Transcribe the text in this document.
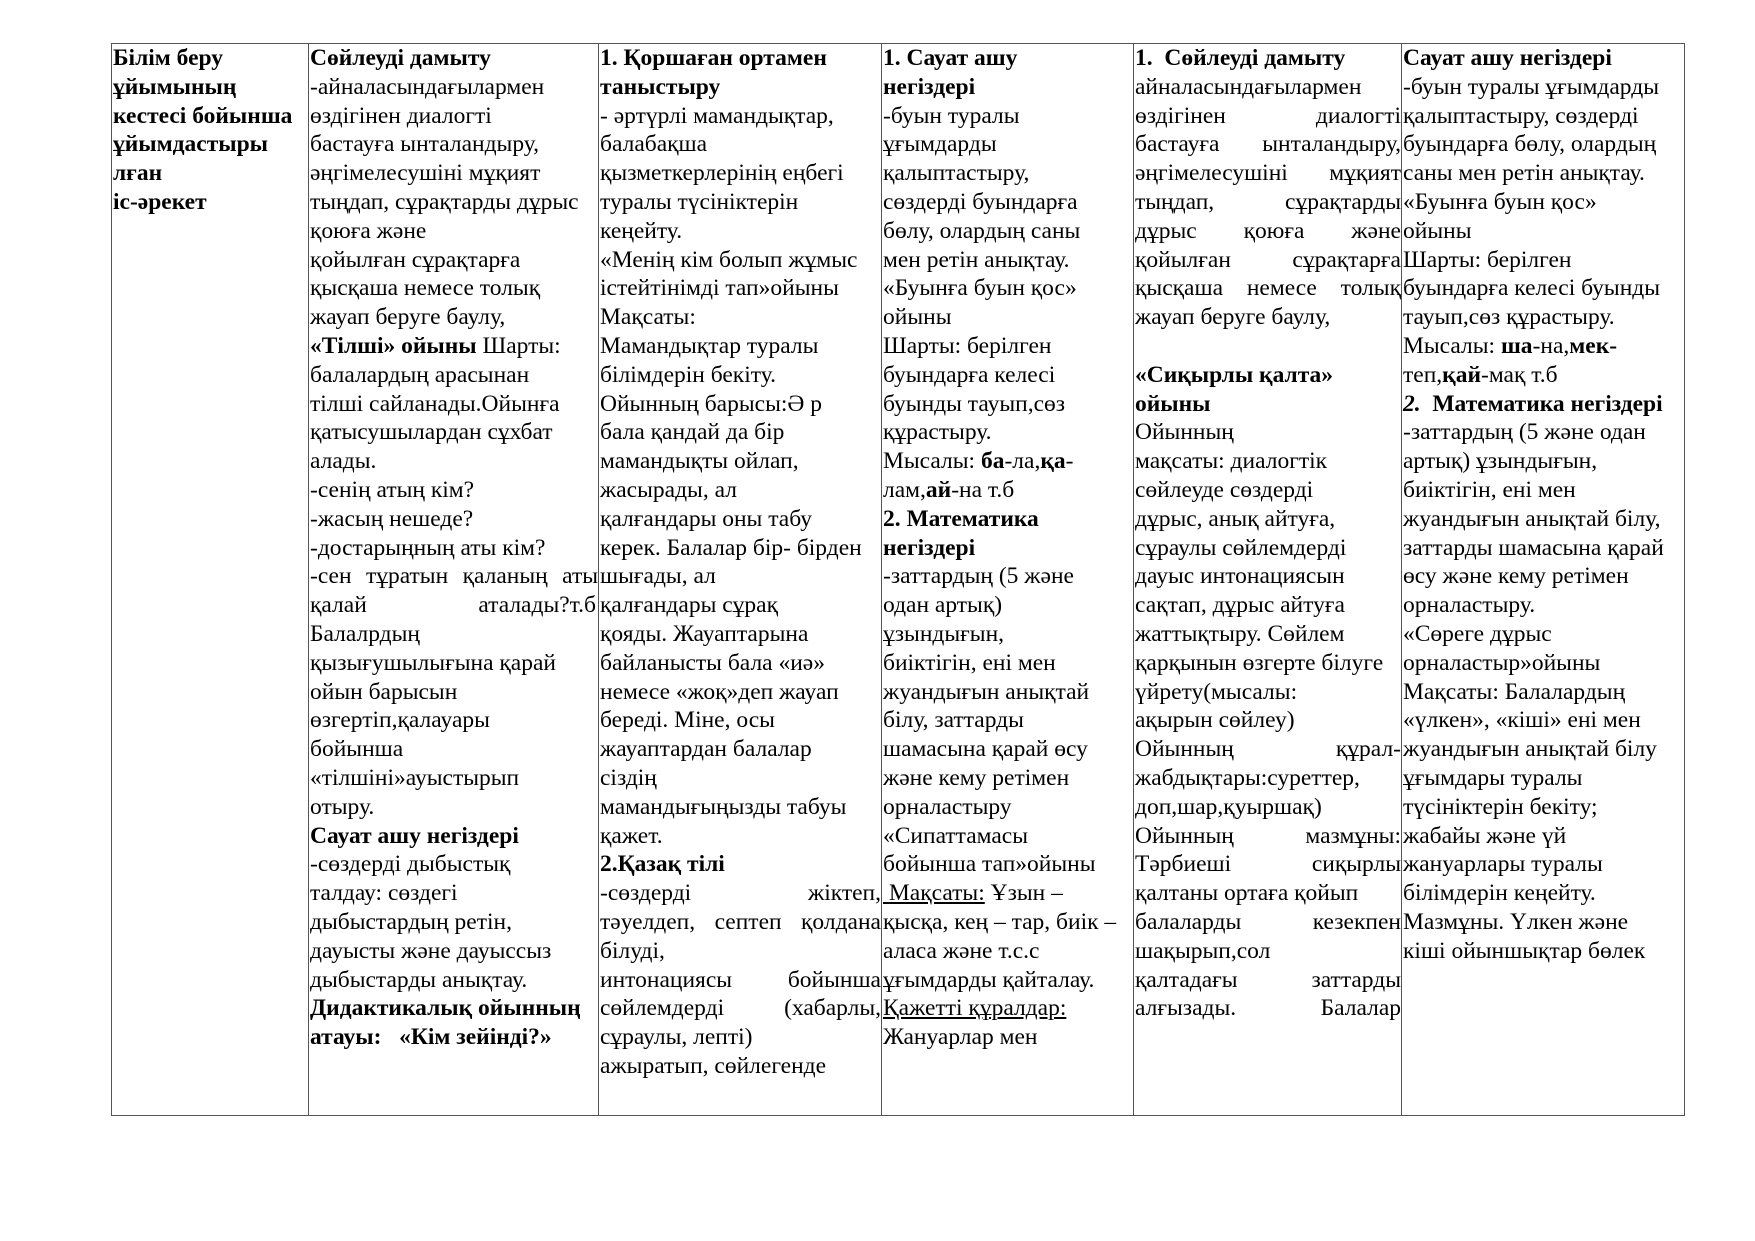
Білім беру
ұйымының
кестесі бойынша
ұйымдастыры
лған
іс-әрекет

Сөйлеуді дамыту
-айналасындағылармен
өздігінен диалогті
бастауға ынталандыру,
әңгімелесушіні мұқият
тыңдап, сұрақтарды дұрыс
қоюға және
қойылған сұрақтарға
қысқаша немесе толық
жауап беруге баулу,
«Тілші» ойыны Шарты:
балалардың арасынан
тілші сайланады.Ойынға
қатысушылардан сұхбат
алады.
-сенің атың кім?
-жасың нешеде?
-достарыңның аты кім?
-сен тұратын қаланың аты
қалай	аталады?т.б
Балалрдың
қызығушылығына қарай
ойын барысын
өзгертіп,қалауары
бойынша
«тілшіні»ауыстырып
отыру.
Сауат ашу негіздері
-сөздерді дыбыстық
талдау: сөздегі
дыбыстардың ретін,
дауысты және дауыссыз
дыбыстарды анықтау.
Дидактикалық ойынның
атауы:   «Кім зейінді?»

1. Қоршаған ортамен
таныстыру
- әртүрлі мамандықтар,
балабақша
қызметкерлерінің еңбегі
туралы түсініктерін
кеңейту.
«Менің кім болып жұмыс
істейтінімді тап»ойыны
Мақсаты:
Мамандықтар туралы
білімдерін бекіту.
Ойынның барысы:Ә р
бала қандай да бір
мамандықты ойлап,
жасырады, ал
қалғандары оны табу
керек. Балалар бір- бірден
шығады, ал
қалғандары сұрақ
қояды. Жауаптарына
байланысты бала «иә»
немесе «жоқ»деп жауап
береді. Міне, осы
жауаптардан балалар
сіздің
мамандығыңызды табуы
қажет.
2.Қазақ тілі
-сөздерді жіктеп,
тәуелдеп, септеп қолдана
білуді,
интонациясы бойынша
сөйлемдерді (хабарлы,
сұраулы, лепті)
ажыратып, сөйлегенде

1. Сауат ашу
негіздері
-буын туралы
ұғымдарды
қалыптастыру,
сөздерді буындарға
бөлу, олардың саны
мен ретін анықтау.
«Буынға буын қос»
ойыны
Шарты: берілген
буындарға келесі
буынды тауып,сөз
құрастыру.
Мысалы: ба-ла,қа-
лам,ай-на т.б
2. Математика
негіздері
-заттардың (5 және
одан артық)
ұзындығын,
биіктігін, ені мен
жуандығын анықтай
білу, заттарды
шамасына қарай өсу
және кему ретімен
орналастыру
«Сипаттамасы
бойынша тап»ойыны
Мақсаты: Ұзын –
қысқа, кең – тар, биік –
аласа және т.с.с
ұғымдарды қайталау.
Қажетті құралдар:
Жануарлар мен

1.  Сөйлеуді дамыту
айналасындағылармен
өздігінен диалогті
бастауға ынталандыру,
әңгімелесушіні мұқият
тыңдап, сұрақтарды
дұрыс қоюға және
қойылған сұрақтарға
қысқаша немесе толық
жауап беруге баулу,
«Сиқырлы қалта»
ойыны
Ойынның
мақсаты: диалогтік
сөйлеуде сөздерді
дұрыс, анық айтуға,
сұраулы сөйлемдерді
дауыс интонациясын
сақтап, дұрыс айтуға
жаттықтыру. Сөйлем
қарқынын өзгерте білуге
үйрету(мысалы:
ақырын сөйлеу)
Ойынның құрал-
жабдықтары:суреттер,
доп,шар,қуыршақ)
Ойынның мазмұны:
Тәрбиеші сиқырлы
қалтаны ортаға қойып
балаларды кезекпен
шақырып,сол
қалтадағы заттарды
алғызады. Балалар

Сауат ашу негіздері
-буын туралы ұғымдарды
қалыптастыру, сөздерді
буындарға бөлу, олардың
саны мен ретін анықтау.
«Буынға буын қос»
ойыны
Шарты: берілген
буындарға келесі буынды
тауып,сөз құрастыру.
Мысалы: ша-на,мек-
теп,қай-мақ т.б
2.  Математика негіздері
-заттардың (5 және одан
артық) ұзындығын,
биіктігін, ені мен
жуандығын анықтай білу,
заттарды шамасына қарай
өсу және кему ретімен
орналастыру.
«Сөреге дұрыс
орналастыр»ойыны
Мақсаты: Балалардың
«үлкен», «кіші» ені мен
жуандығын анықтай білу
ұғымдары туралы
түсініктерін бекіту;
жабайы және үй
жануарлары туралы
білімдерін кеңейту.
Мазмұны. Үлкен және
кіші ойыншықтар бөлек
